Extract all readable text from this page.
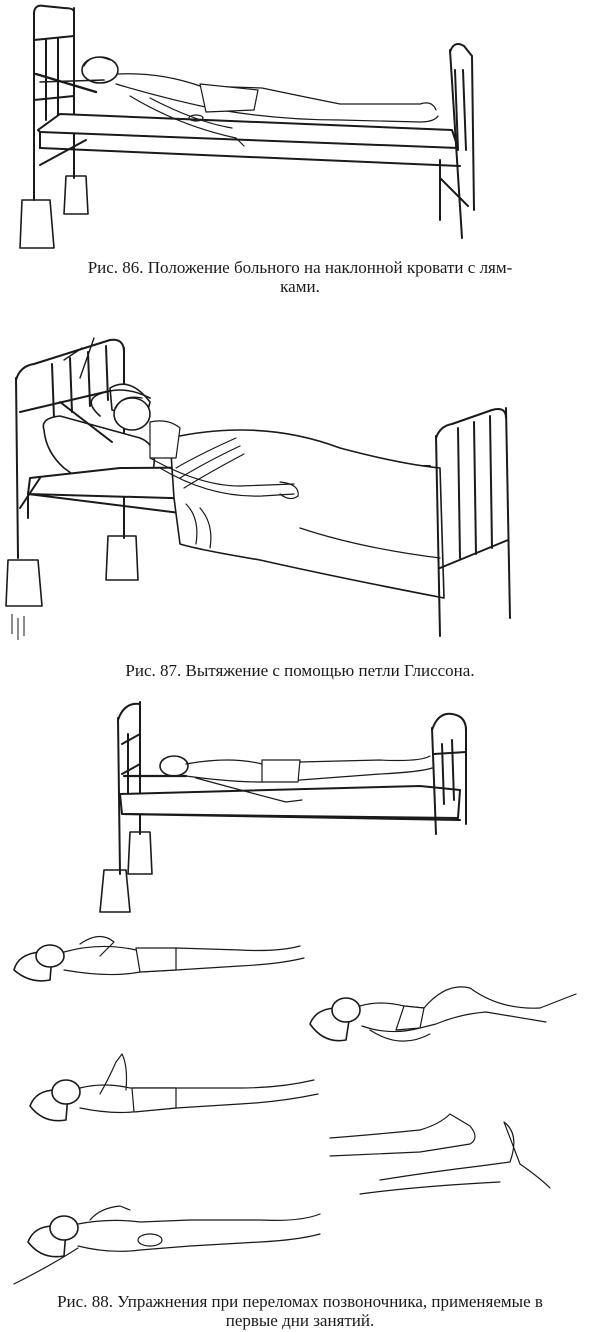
Рис. 86. Положение больного на наклонной кровати с лям-
ками.
Рис. 87. Вытяжение с помощью петли Глиссона.
Рис. 88. Упражнения при переломах позвоночника, применяемые в
первые дни занятий.
